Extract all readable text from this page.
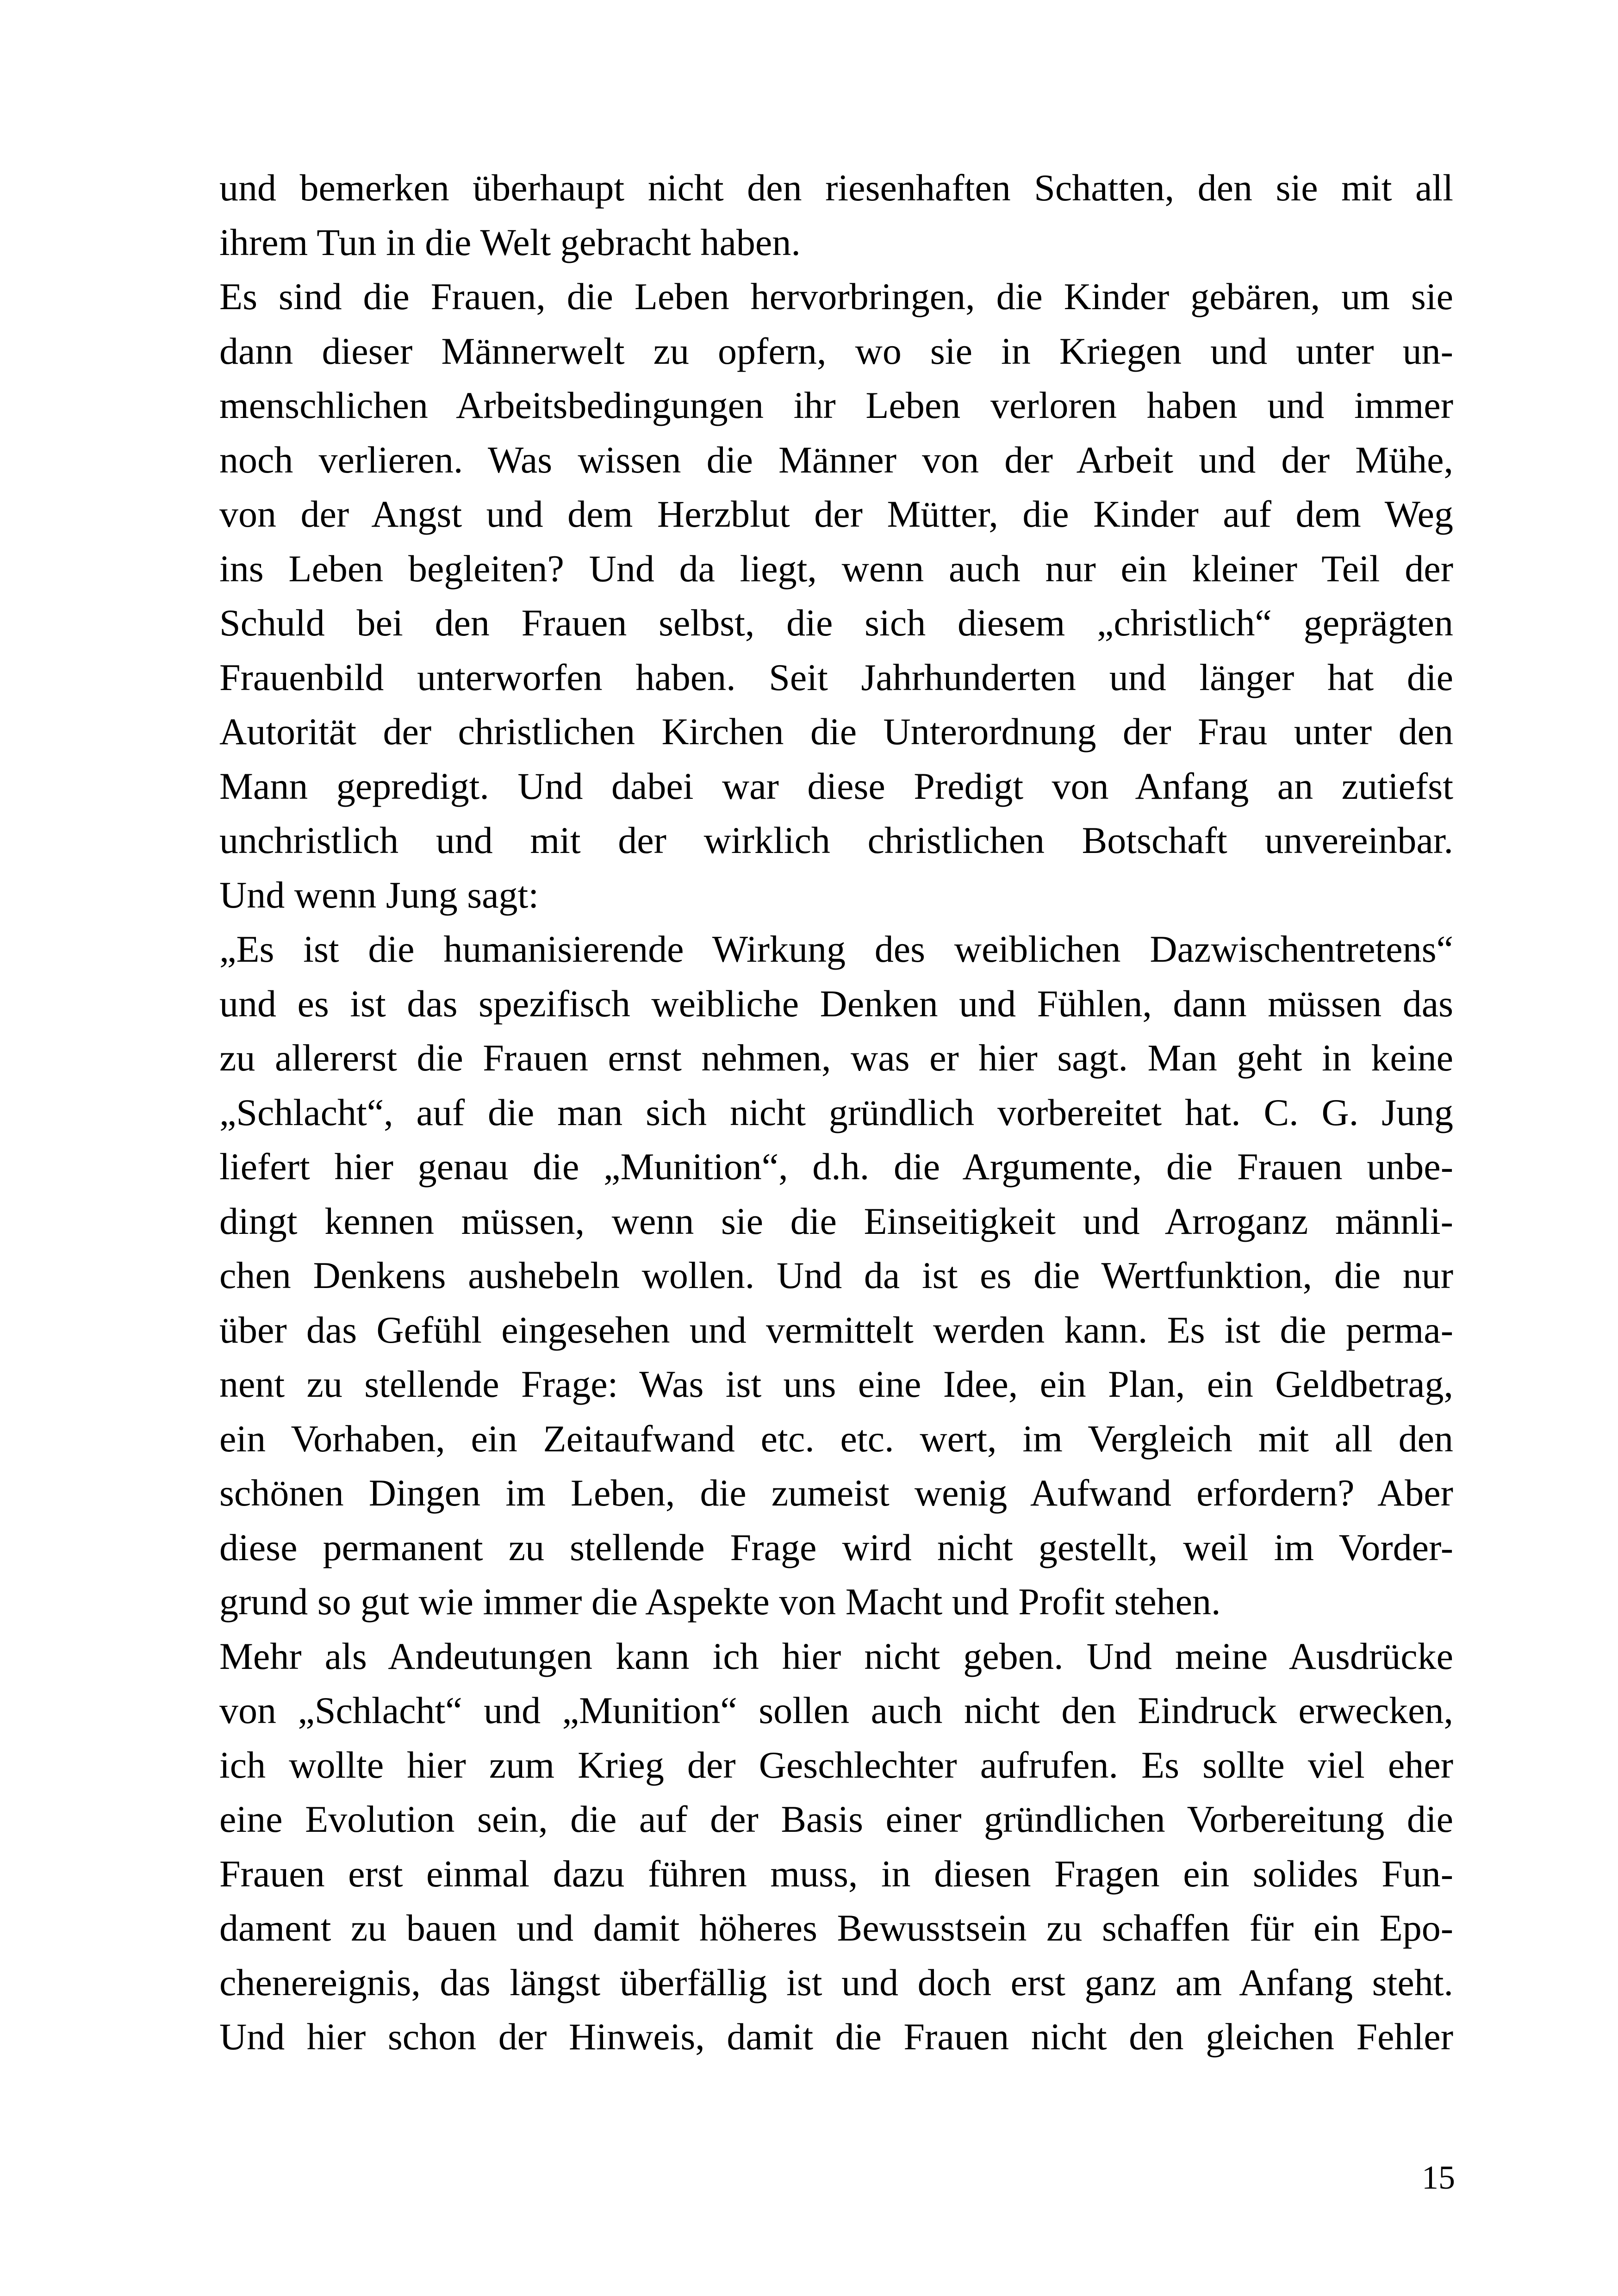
und bemerken überhaupt nicht den riesenhaften Schatten, den sie mit all
ihrem Tun in die Welt gebracht haben.
Es sind die Frauen, die Leben hervorbringen, die Kinder gebären, um sie
dann dieser Männerwelt zu opfern, wo sie in Kriegen und unter un-
menschlichen Arbeitsbedingungen ihr Leben verloren haben und immer
noch verlieren. Was wissen die Männer von der Arbeit und der Mühe,
von der Angst und dem Herzblut der Mütter, die Kinder auf dem Weg
ins Leben begleiten? Und da liegt, wenn auch nur ein kleiner Teil der
Schuld bei den Frauen selbst, die sich diesem „christlich“ geprägten
Frauenbild unterworfen haben. Seit Jahrhunderten und länger hat die
Autorität der christlichen Kirchen die Unterordnung der Frau unter den
Mann gepredigt. Und dabei war diese Predigt von Anfang an zutiefst
unchristlich und mit der wirklich christlichen Botschaft unvereinbar.
Und wenn Jung sagt:
„Es ist die humanisierende Wirkung des weiblichen Dazwischentretens“
und es ist das spezifisch weibliche Denken und Fühlen, dann müssen das
zu allererst die Frauen ernst nehmen, was er hier sagt. Man geht in keine
„Schlacht“, auf die man sich nicht gründlich vorbereitet hat. C. G. Jung
liefert hier genau die „Munition“, d.h. die Argumente, die Frauen unbe-
dingt kennen müssen, wenn sie die Einseitigkeit und Arroganz männli-
chen Denkens aushebeln wollen. Und da ist es die Wertfunktion, die nur
über das Gefühl eingesehen und vermittelt werden kann. Es ist die perma-
nent zu stellende Frage: Was ist uns eine Idee, ein Plan, ein Geldbetrag,
ein Vorhaben, ein Zeitaufwand etc. etc. wert, im Vergleich mit all den
schönen Dingen im Leben, die zumeist wenig Aufwand erfordern? Aber
diese permanent zu stellende Frage wird nicht gestellt, weil im Vorder-
grund so gut wie immer die Aspekte von Macht und Profit stehen.
Mehr als Andeutungen kann ich hier nicht geben. Und meine Ausdrücke
von „Schlacht“ und „Munition“ sollen auch nicht den Eindruck erwecken,
ich wollte hier zum Krieg der Geschlechter aufrufen. Es sollte viel eher
eine Evolution sein, die auf der Basis einer gründlichen Vorbereitung die
Frauen erst einmal dazu führen muss, in diesen Fragen ein solides Fun-
dament zu bauen und damit höheres Bewusstsein zu schaffen für ein Epo-
chenereignis, das längst überfällig ist und doch erst ganz am Anfang steht.
Und hier schon der Hinweis, damit die Frauen nicht den gleichen Fehler
15
